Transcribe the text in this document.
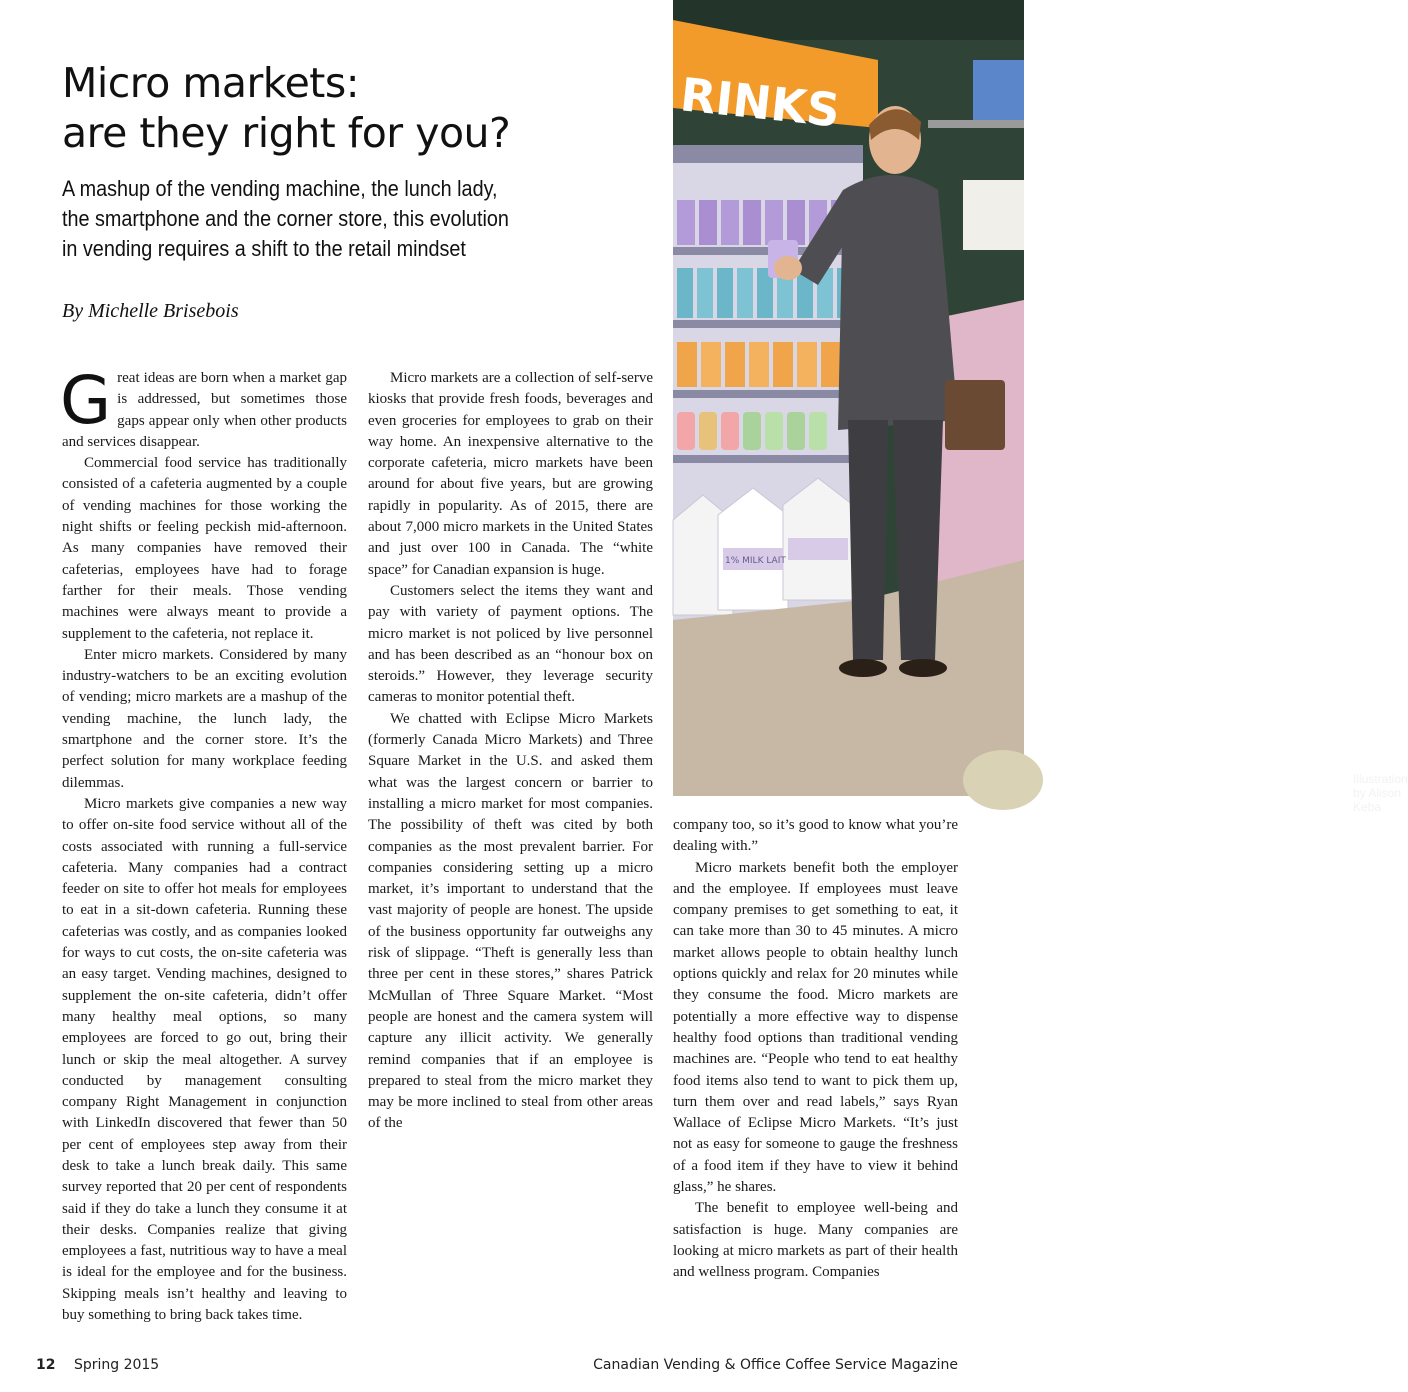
Micro markets:
are they right for you?
A mashup of the vending machine, the lunch lady,
the smartphone and the corner store, this evolution
in vending requires a shift to the retail mindset

By Michelle Brisebois

Great ideas are born when a market gap is addressed, but sometimes those gaps appear only when other products and services disappear.

Commercial food service has traditionally consisted of a cafeteria augmented by a couple of vending machines for those working the night shifts or feeling peckish mid-afternoon. As many companies have removed their cafeterias, employees have had to forage farther for their meals. Those vending machines were always meant to provide a supplement to the cafeteria, not replace it.

Enter micro markets. Considered by many industry-watchers to be an exciting evolution of vending; micro markets are a mashup of the vending machine, the lunch lady, the smartphone and the corner store. It’s the perfect solution for many workplace feeding dilemmas.

Micro markets give companies a new way to offer on-site food service without all of the costs associated with running a full-service cafeteria. Many companies had a contract feeder on site to offer hot meals for employees to eat in a sit-down cafeteria. Running these cafeterias was costly, and as companies looked for ways to cut costs, the on-site cafeteria was an easy target. Vending machines, designed to supplement the on-site cafeteria, didn’t offer many healthy meal options, so many employees are forced to go out, bring their lunch or skip the meal altogether. A survey conducted by management consulting company Right Management in conjunction with LinkedIn discovered that fewer than 50 per cent of employees step away from their desk to take a lunch break daily. This same survey reported that 20 per cent of respondents said if they do take a lunch they consume it at their desks. Companies realize that giving employees a fast, nutritious way to have a meal is ideal for the employee and for the business. Skipping meals isn’t healthy and leaving to buy something to bring back takes time.

Micro markets are a collection of self-serve kiosks that provide fresh foods, beverages and even groceries for employees to grab on their way home. An inexpensive alternative to the corporate cafeteria, micro markets have been around for about five years, but are growing rapidly in popularity. As of 2015, there are about 7,000 micro markets in the United States and just over 100 in Canada. The “white space” for Canadian expansion is huge.

Customers select the items they want and pay with variety of payment options. The micro market is not policed by live personnel and has been described as an “honour box on steroids.” However, they leverage security cameras to monitor potential theft.

We chatted with Eclipse Micro Markets (formerly Canada Micro Markets) and Three Square Market in the U.S. and asked them what was the largest concern or barrier to installing a micro market for most companies. The possibility of theft was cited by both companies as the most prevalent barrier. For companies considering setting up a micro market, it’s important to understand that the vast majority of people are honest. The upside of the business opportunity far outweighs any risk of slippage. “Theft is generally less than three per cent in these stores,” shares Patrick McMullan of Three Square Market. “Most people are honest and the camera system will capture any illicit activity. We generally remind companies that if an employee is prepared to steal from the micro market they may be more inclined to steal from other areas of the

company too, so it’s good to know what you’re dealing with.”

Micro markets benefit both the employer and the employee. If employees must leave company premises to get something to eat, it can take more than 30 to 45 minutes. A micro market allows people to obtain healthy lunch options quickly and relax for 20 minutes while they consume the food. Micro markets are potentially a more effective way to dispense healthy food options than traditional vending machines are. “People who tend to eat healthy food items also tend to want to pick them up, turn them over and read labels,” says Ryan Wallace of Eclipse Micro Markets. “It’s just not as easy for someone to gauge the freshness of a food item if they have to view it behind glass,” he shares.

The benefit to employee well-being and satisfaction is huge. Many companies are looking at micro markets as part of their health and wellness program. Companies

RINKS
1% MILK LAIT
Illustration by Alison Keba
12 Spring 2015	Canadian Vending & Office Coffee Service Magazine
